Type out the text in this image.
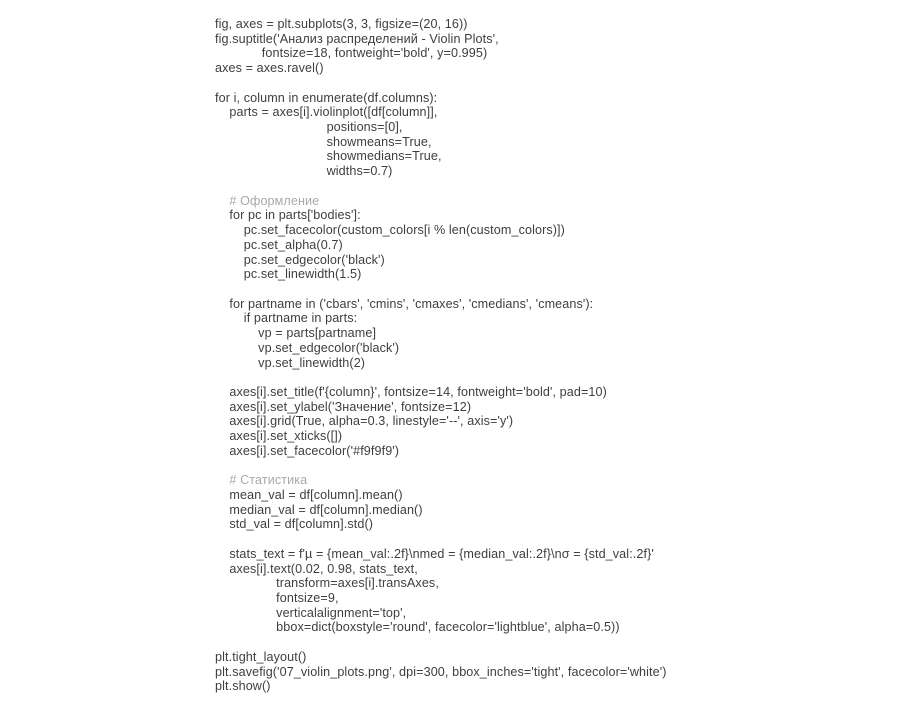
fig, axes = plt.subplots(3, 3, figsize=(20, 16))
fig.suptitle('Анализ распределений - Violin Plots',
fontsize=18, fontweight='bold', y=0.995)
axes = axes.ravel()

for i, column in enumerate(df.columns):
parts = axes[i].violinplot([df[column]],
positions=[0],
showmeans=True,
showmedians=True,
widths=0.7)

# Оформление
for pc in parts['bodies']:
pc.set_facecolor(custom_colors[i % len(custom_colors)])
pc.set_alpha(0.7)
pc.set_edgecolor('black')
pc.set_linewidth(1.5)

for partname in ('cbars', 'cmins', 'cmaxes', 'cmedians', 'cmeans'):
if partname in parts:
vp = parts[partname]
vp.set_edgecolor('black')
vp.set_linewidth(2)

axes[i].set_title(f'{column}', fontsize=14, fontweight='bold', pad=10)
axes[i].set_ylabel('Значение', fontsize=12)
axes[i].grid(True, alpha=0.3, linestyle='--', axis='y')
axes[i].set_xticks([])
axes[i].set_facecolor('#f9f9f9')

# Статистика
mean_val = df[column].mean()
median_val = df[column].median()
std_val = df[column].std()

stats_text = f'µ = {mean_val:.2f}\nmed = {median_val:.2f}\nσ = {std_val:.2f}'
axes[i].text(0.02, 0.98, stats_text,
transform=axes[i].transAxes,
fontsize=9,
verticalalignment='top',
bbox=dict(boxstyle='round', facecolor='lightblue', alpha=0.5))

plt.tight_layout()
plt.savefig('07_violin_plots.png', dpi=300, bbox_inches='tight', facecolor='white')
plt.show()
